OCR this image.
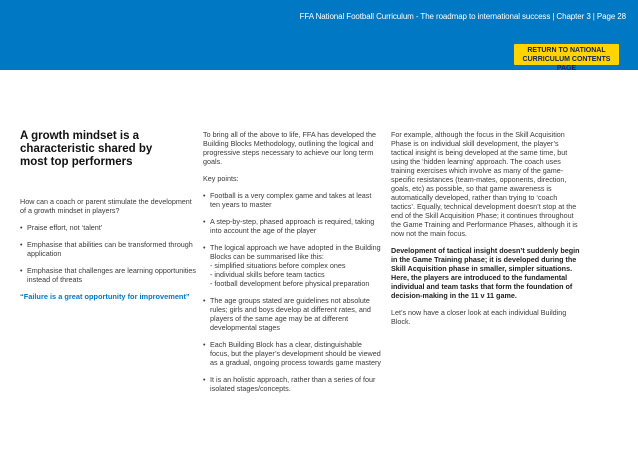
FFA National Football Curriculum - The roadmap to international success | Chapter 3 | Page 28
RETURN TO NATIONAL
CURRICULUM CONTENTS PAGE
A growth mindset is a
characteristic shared by
most top performers

How can a coach or parent stimulate the development of a growth mindset in players?

• Praise effort, not ‘talent’
• Emphasise that abilities can be transformed through application
• Emphasise that challenges are learning opportunities instead of threats
“Failure is a great opportunity for improvement”

To bring all of the above to life, FFA has developed the Building Blocks Methodology, outlining the logical and progressive steps necessary to achieve our long term goals.

Key points:

• Football is a very complex game and takes at least ten years to master
• A step-by-step, phased approach is required, taking into account the age of the player
• The logical approach we have adopted in the Building Blocks can be summarised like this:
- simplified situations before complex ones
- individual skills before team tactics
- football development before physical preparation
• The age groups stated are guidelines not absolute rules; girls and boys develop at different rates, and players of the same age may be at different developmental stages
• Each Building Block has a clear, distinguishable focus, but the player’s development should be viewed as a gradual, ongoing process towards game mastery
• It is an holistic approach, rather than a series of four isolated stages/concepts.

For example, although the focus in the Skill Acquisition Phase is on individual skill development, the player’s tactical insight is being developed at the same time, but using the ‘hidden learning’ approach. The coach uses training exercises which involve as many of the game-specific resistances (team-mates, opponents, direction, goals, etc) as possible, so that game awareness is automatically developed, rather than trying to ‘coach tactics’. Equally, technical development doesn’t stop at the end of the Skill Acquisition Phase; it continues throughout the Game Training and Performance Phases, although it is now not the main focus.

Development of tactical insight doesn’t suddenly begin in the Game Training phase; it is developed during the Skill Acquisition phase in smaller, simpler situations. Here, the players are introduced to the fundamental individual and team tasks that form the foundation of decision-making in the 11 v 11 game.

Let’s now have a closer look at each individual Building Block.
